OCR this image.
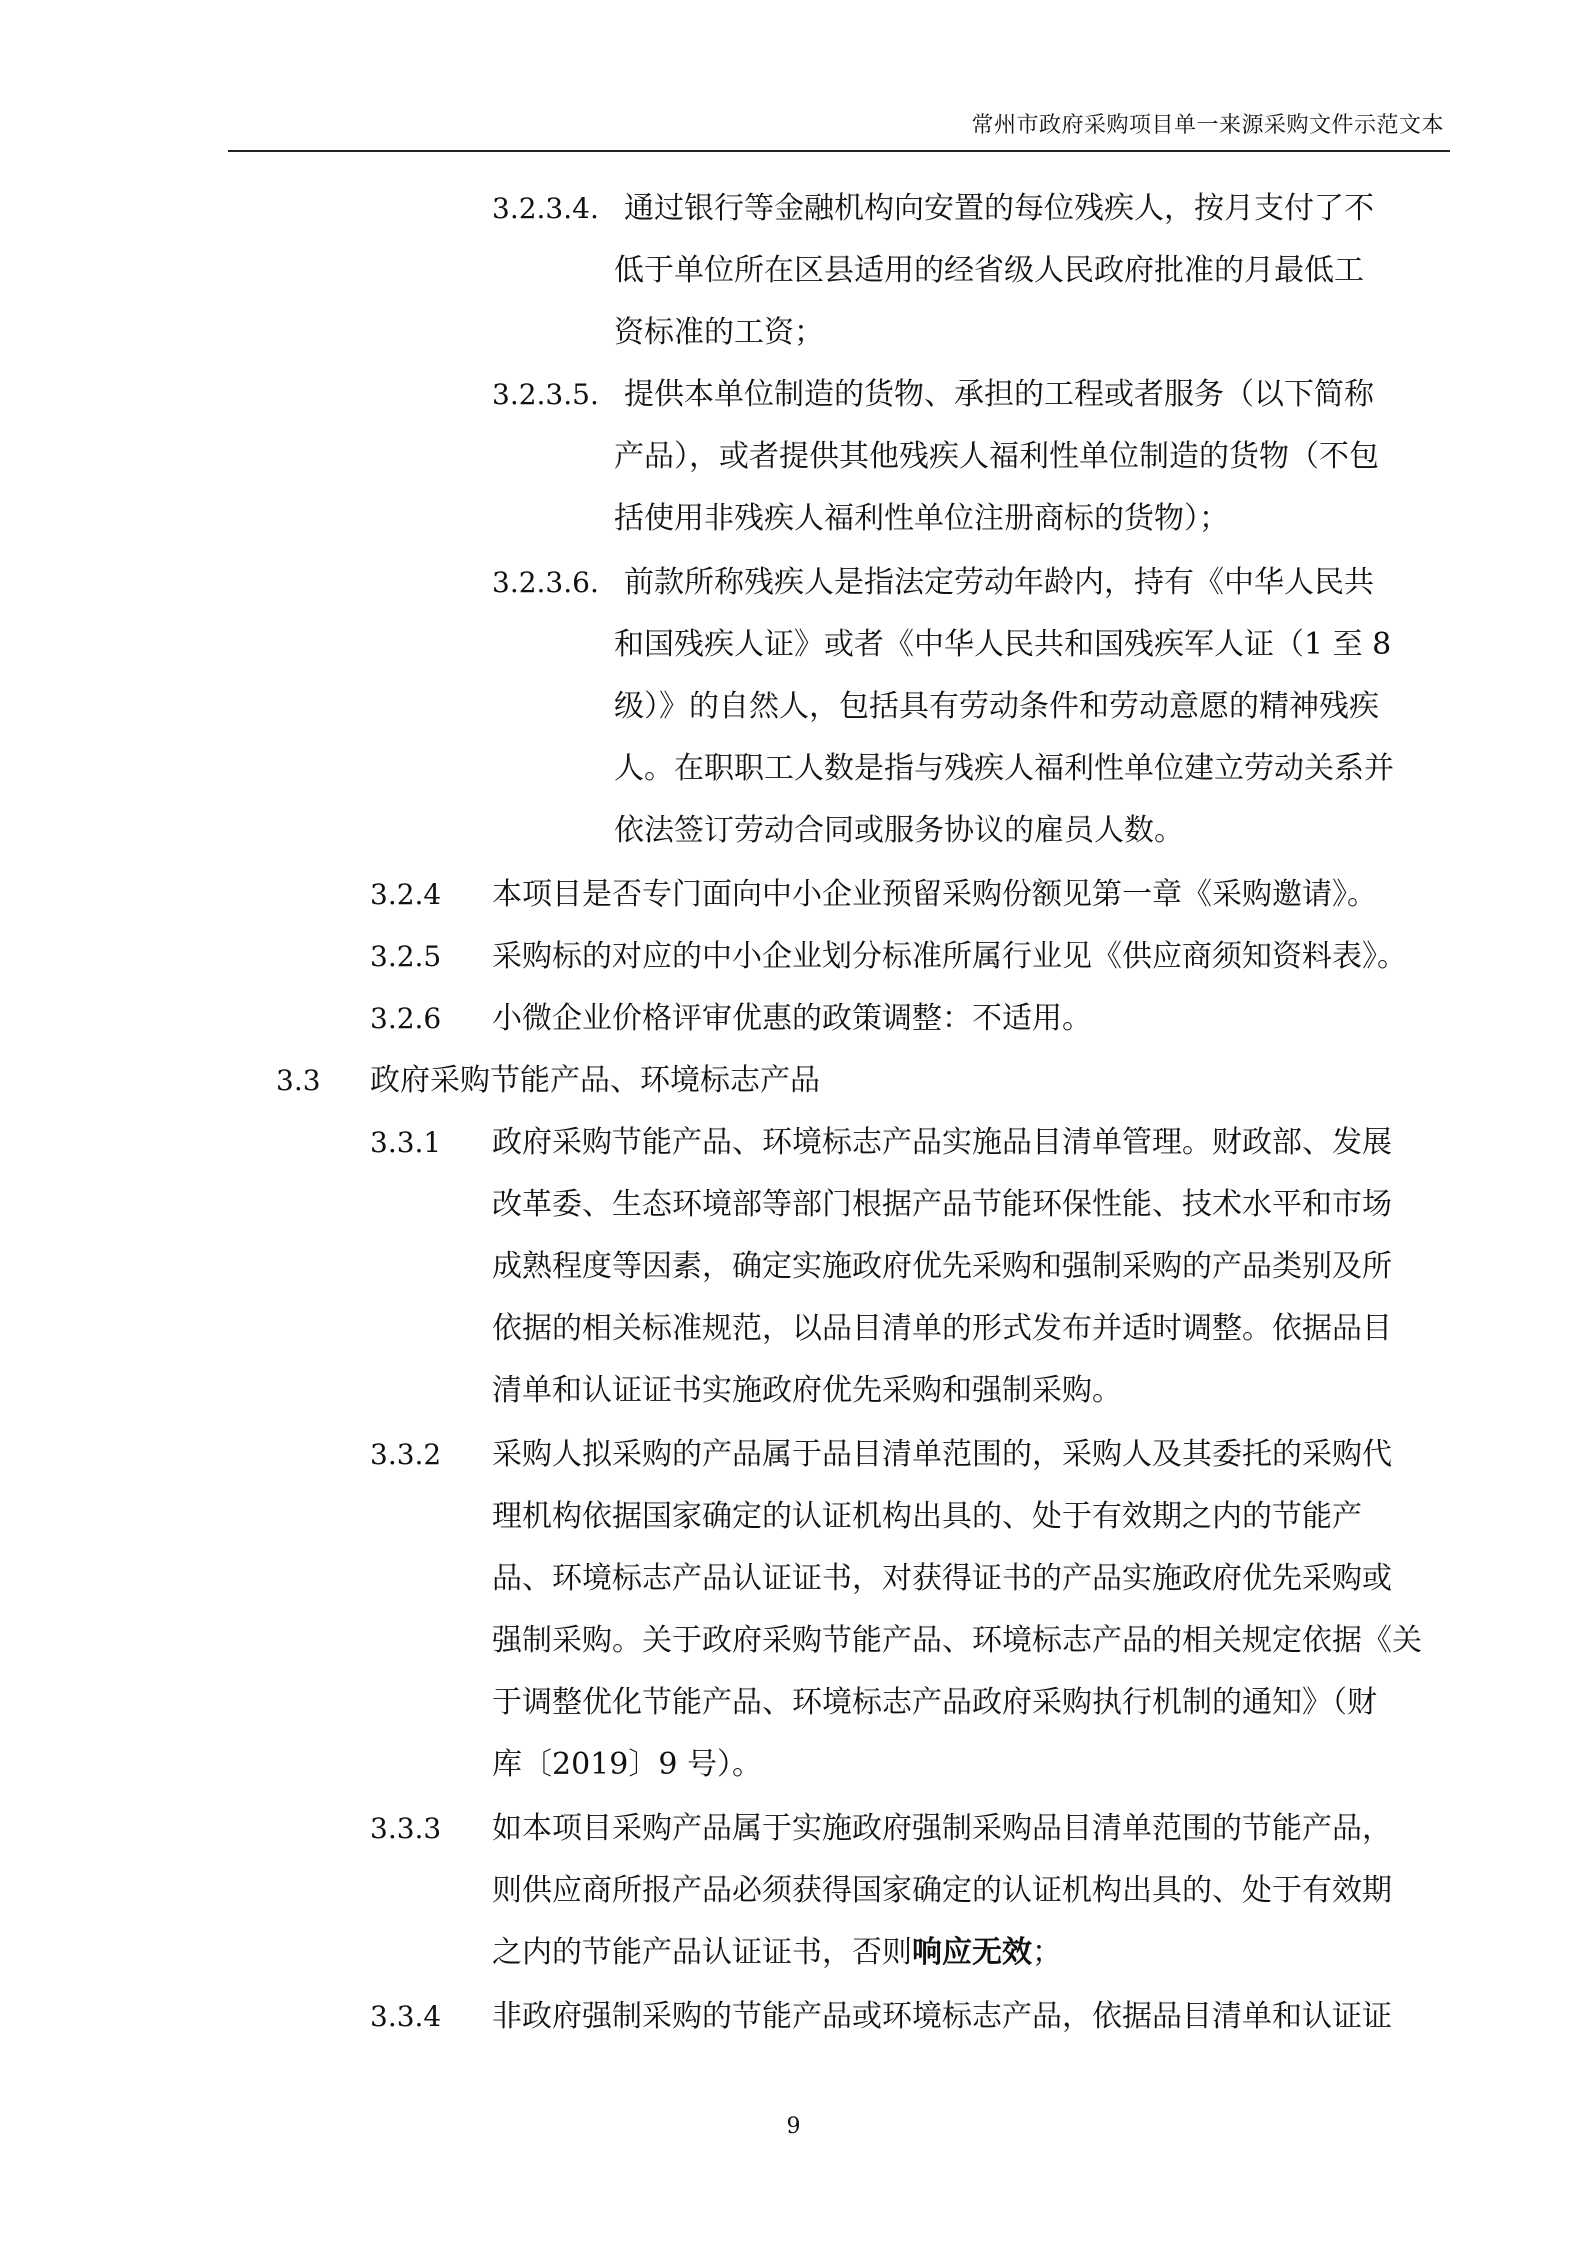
常州市政府采购项目单一来源采购文件示范文本
3.2.3.4. 通过银行等金融机构向安置的每位残疾人，按月支付了不
低于单位所在区县适用的经省级人民政府批准的月最低工
资标准的工资；
3.2.3.5. 提供本单位制造的货物、承担的工程或者服务（以下简称
产品），或者提供其他残疾人福利性单位制造的货物（不包
括使用非残疾人福利性单位注册商标的货物）；
3.2.3.6. 前款所称残疾人是指法定劳动年龄内，持有《中华人民共
和国残疾人证》或者《中华人民共和国残疾军人证（1 至 8
级）》的自然人，包括具有劳动条件和劳动意愿的精神残疾
人。在职职工人数是指与残疾人福利性单位建立劳动关系并
依法签订劳动合同或服务协议的雇员人数。
3.2.4 本项目是否专门面向中小企业预留采购份额见第一章《采购邀请》。
3.2.5 采购标的对应的中小企业划分标准所属行业见《供应商须知资料表》。
3.2.6 小微企业价格评审优惠的政策调整：不适用。
3.3 政府采购节能产品、环境标志产品
3.3.1 政府采购节能产品、环境标志产品实施品目清单管理。财政部、发展
改革委、生态环境部等部门根据产品节能环保性能、技术水平和市场
成熟程度等因素，确定实施政府优先采购和强制采购的产品类别及所
依据的相关标准规范，以品目清单的形式发布并适时调整。依据品目
清单和认证证书实施政府优先采购和强制采购。
3.3.2 采购人拟采购的产品属于品目清单范围的，采购人及其委托的采购代
理机构依据国家确定的认证机构出具的、处于有效期之内的节能产
品、环境标志产品认证证书，对获得证书的产品实施政府优先采购或
强制采购。关于政府采购节能产品、环境标志产品的相关规定依据《关
于调整优化节能产品、环境标志产品政府采购执行机制的通知》（财
库〔2019〕9 号）。
3.3.3 如本项目采购产品属于实施政府强制采购品目清单范围的节能产品，
则供应商所报产品必须获得国家确定的认证机构出具的、处于有效期
之内的节能产品认证证书，否则响应无效；
3.3.4 非政府强制采购的节能产品或环境标志产品，依据品目清单和认证证
9
